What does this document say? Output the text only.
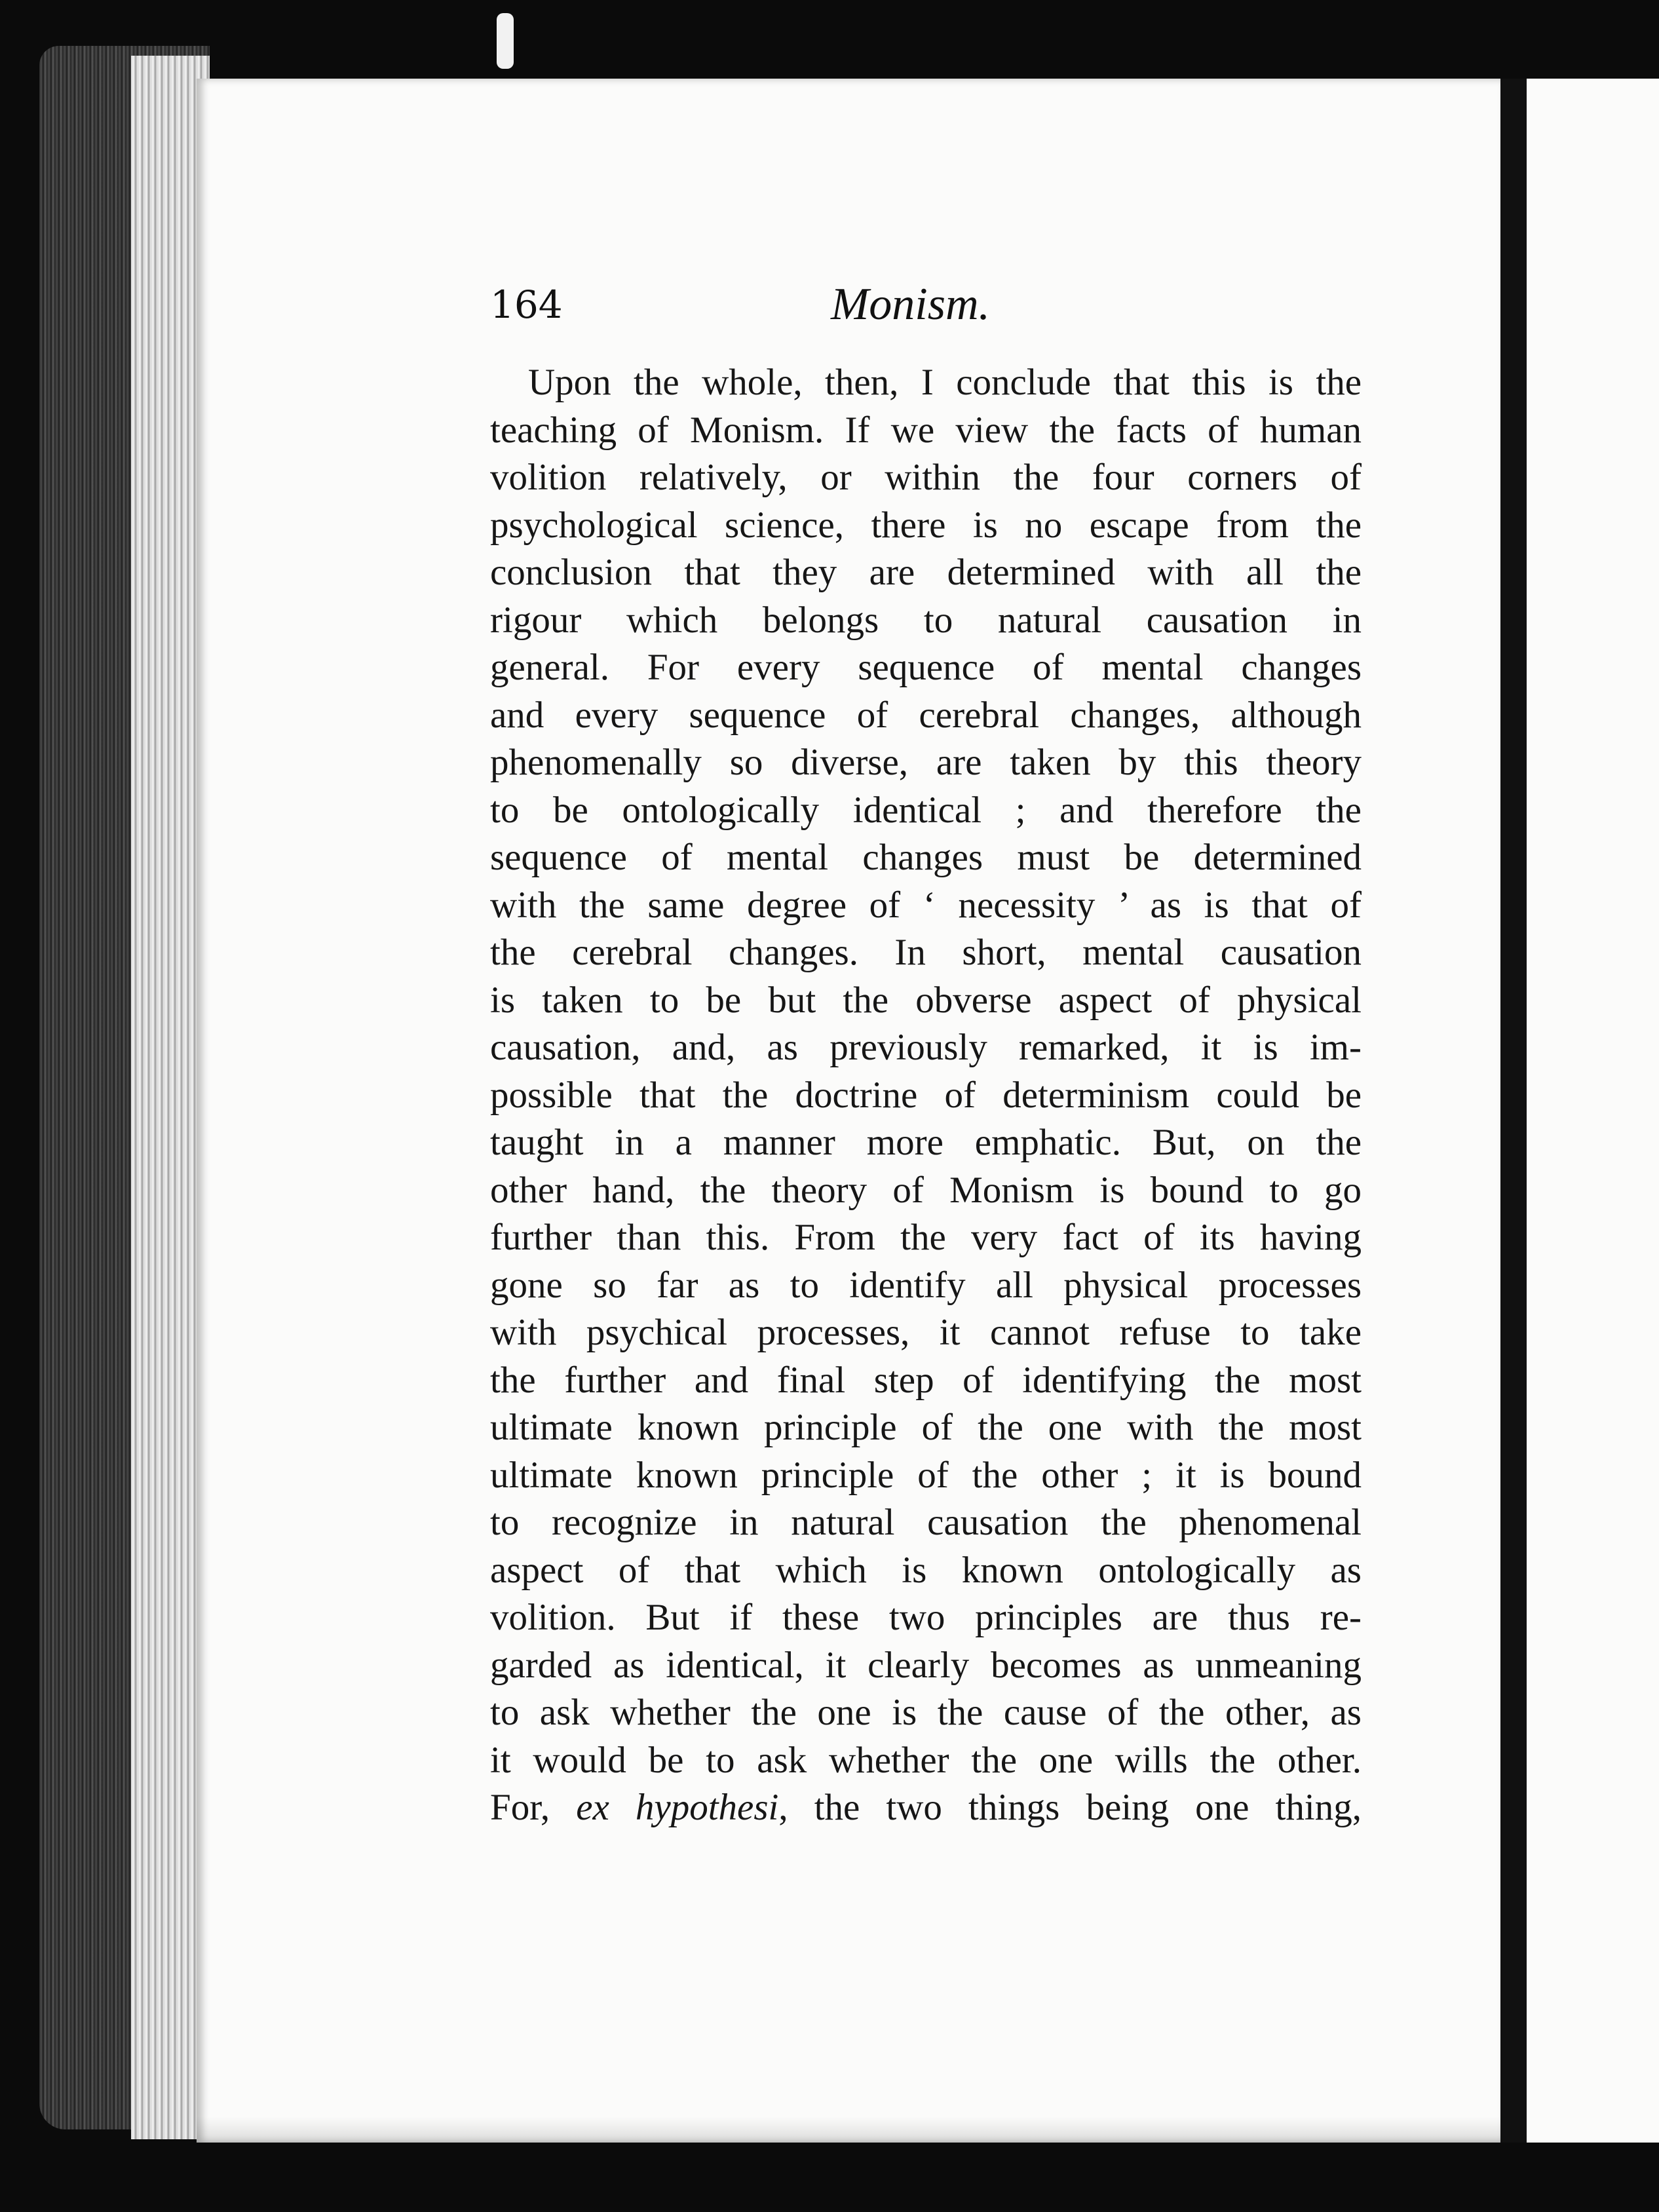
164	Monism.
Upon the whole, then, I conclude that this is the
teaching of Monism. If we view the facts of human
volition relatively, or within the four corners of
psychological science, there is no escape from the
conclusion that they are determined with all the
rigour which belongs to natural causation in
general. For every sequence of mental changes
and every sequence of cerebral changes, although
phenomenally so diverse, are taken by this theory
to be ontologically identical ; and therefore the
sequence of mental changes must be determined
with the same degree of ‘ necessity ’ as is that of
the cerebral changes. In short, mental causation
is taken to be but the obverse aspect of physical
causation, and, as previously remarked, it is im-
possible that the doctrine of determinism could be
taught in a manner more emphatic. But, on the
other hand, the theory of Monism is bound to go
further than this. From the very fact of its having
gone so far as to identify all physical processes
with psychical processes, it cannot refuse to take
the further and final step of identifying the most
ultimate known principle of the one with the most
ultimate known principle of the other ; it is bound
to recognize in natural causation the phenomenal
aspect of that which is known ontologically as
volition. But if these two principles are thus re-
garded as identical, it clearly becomes as unmeaning
to ask whether the one is the cause of the other, as
it would be to ask whether the one wills the other.
For, ex hypothesi, the two things being one thing,
